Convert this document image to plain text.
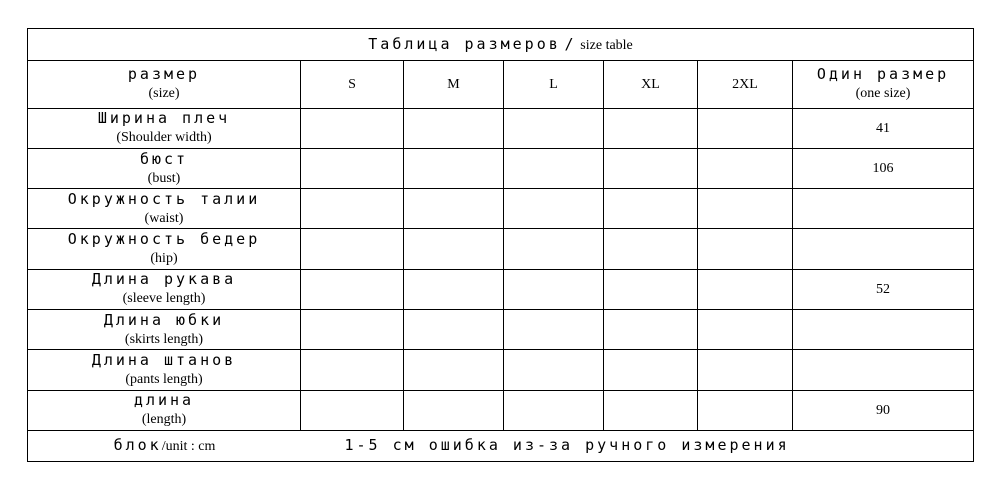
Таблица размеров / size table						

размер
(size)	S	M	L	XL	2XL	Один размер
(one size)

Ширина плеч
(Shoulder width)						41

бюст
(bust)						106

Окружность талии
(waist)						

Окружность бедер
(hip)						

Длина рукава
(sleeve length)						52

Длина юбки
(skirts length)						

Длина штанов
(pants length)						

длина
(length)						90
блок/unit : cm 1-5 см ошибка из-за ручного измерения						
